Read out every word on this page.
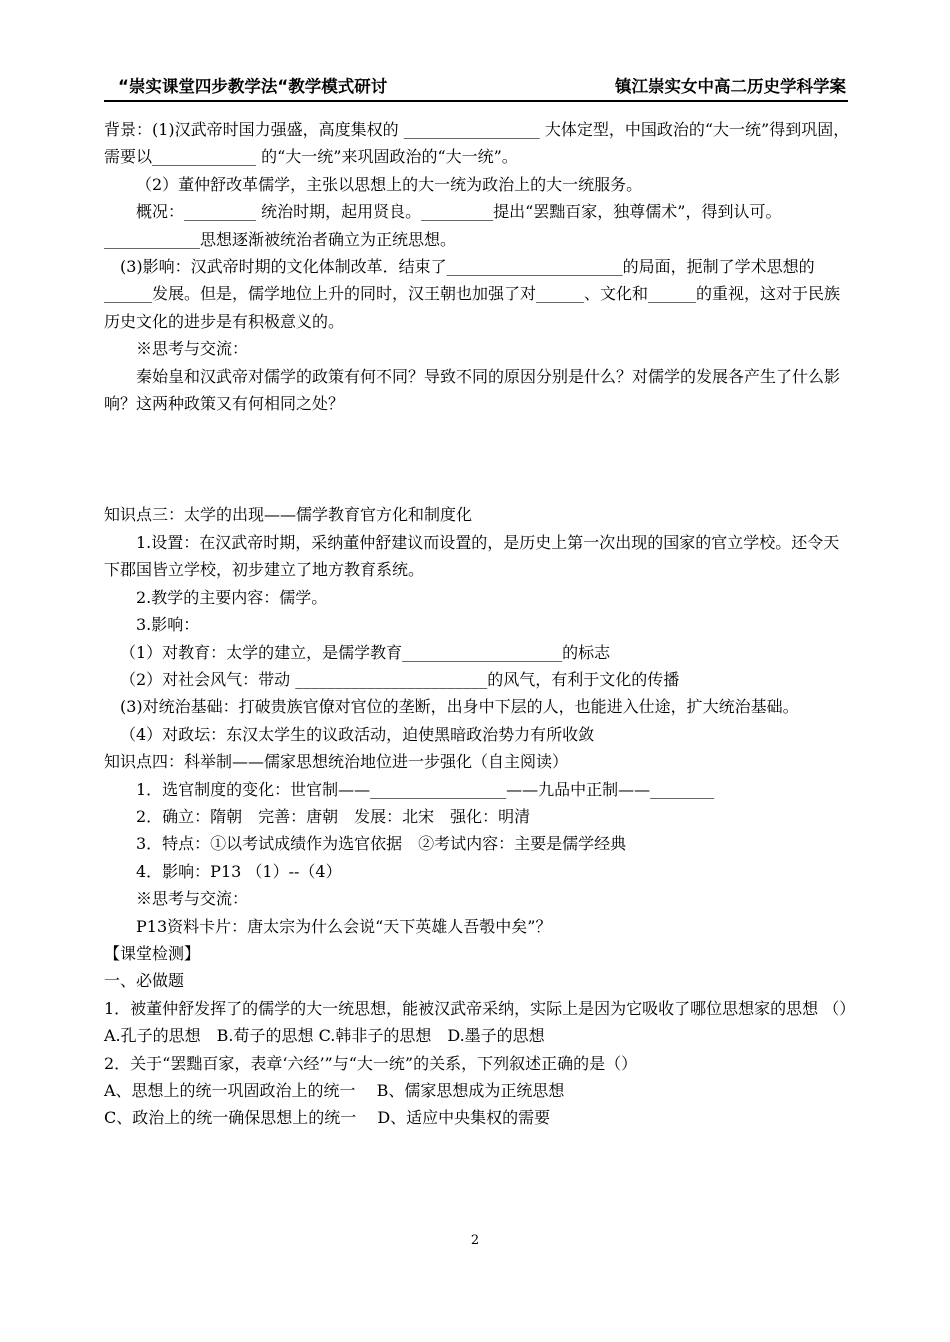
“崇实课堂四步教学法“教学模式研讨	镇江崇实女中高二历史学科学案

背景：(1)汉武帝时国力强盛，高度集权的 _________________ 大体定型，中国政治的“大一统”得到巩固，需要以_____________ 的“大一统”来巩固政治的“大一统”。

（2）董仲舒改革儒学，主张以思想上的大一统为政治上的大一统服务。

概况：_________ 统治时期，起用贤良。_________提出“罢黜百家，独尊儒术”，得到认可。____________思想逐渐被统治者确立为正统思想。

(3)影响：汉武帝时期的文化体制改革．结束了______________________的局面，扼制了学术思想的______发展。但是，儒学地位上升的同时，汉王朝也加强了对______、文化和______的重视，这对于民族历史文化的进步是有积极意义的。

※思考与交流：

秦始皇和汉武帝对儒学的政策有何不同？导致不同的原因分别是什么？对儒学的发展各产生了什么影响？这两种政策又有何相同之处？

知识点三：太学的出现——儒学教育官方化和制度化

1.设置：在汉武帝时期，采纳董仲舒建议而设置的，是历史上第一次出现的国家的官立学校。还令天下郡国皆立学校，初步建立了地方教育系统。

2.教学的主要内容：儒学。

3.影响：

（1）对教育：太学的建立，是儒学教育____________________的标志

（2）对社会风气：带动 ________________________的风气，有利于文化的传播

(3)对统治基础：打破贵族官僚对官位的垄断，出身中下层的人，也能进入仕途，扩大统治基础。

（4）对政坛：东汉太学生的议政活动，迫使黑暗政治势力有所收敛

知识点四：科举制——儒家思想统治地位进一步强化（自主阅读）

1．选官制度的变化：世官制——_________________——九品中正制——________

2．确立：隋朝　完善：唐朝　发展：北宋　强化：明清

3．特点：①以考试成绩作为选官依据　②考试内容：主要是儒学经典

4．影响：P13 （1）--（4）

※思考与交流：

P13资料卡片：唐太宗为什么会说“天下英雄人吾彀中矣”？

【课堂检测】

一、必做题

1．被董仲舒发挥了的儒学的大一统思想，能被汉武帝采纳，实际上是因为它吸收了哪位思想家的思想 （）

A.孔子的思想　B.荀子的思想 C.韩非子的思想　D.墨子的思想

2．关于“罢黜百家，表章‘六经’”与“大一统”的关系，下列叙述正确的是（）

A、思想上的统一巩固政治上的统一　 B、儒家思想成为正统思想

C、政治上的统一确保思想上的统一　 D、适应中央集权的需要

2
